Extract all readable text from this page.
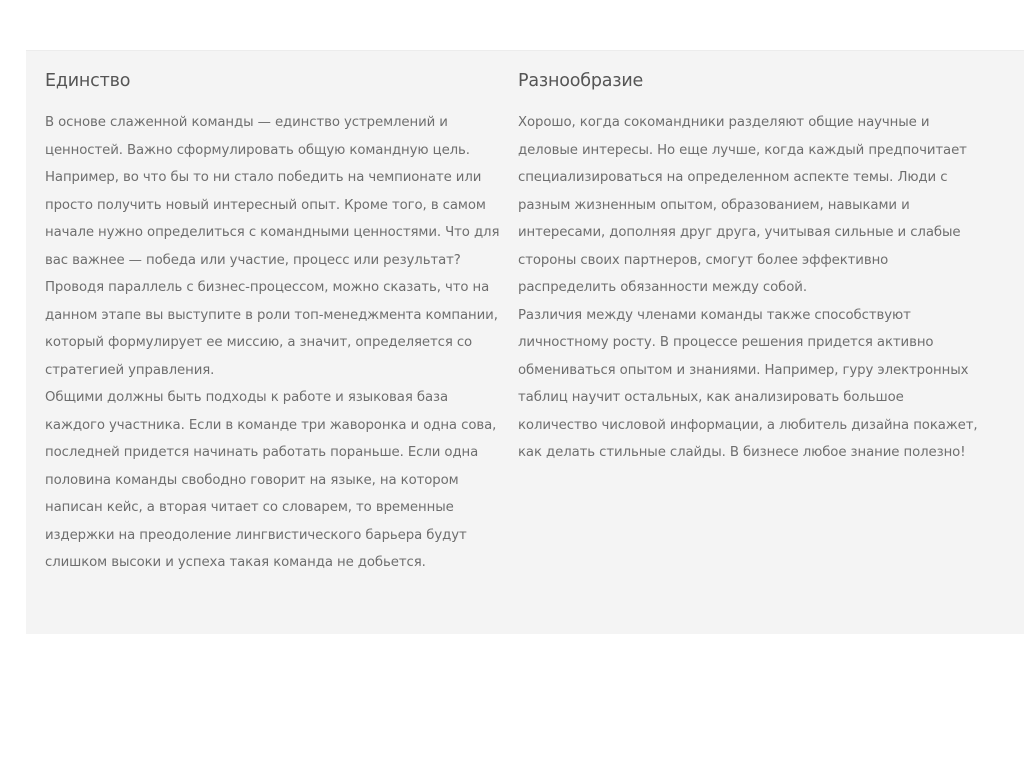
Единство

В основе слаженной команды — единство устремлений и ценностей. Важно сформулировать общую командную цель. Например, во что бы то ни стало победить на чемпионате или просто получить новый интересный опыт. Кроме того, в самом начале нужно определиться с командными ценностями. Что для вас важнее — победа или участие, процесс или результат? Проводя параллель с бизнес-процессом, можно сказать, что на данном этапе вы выступите в роли топ-менеджмента компании, который формулирует ее миссию, а значит, определяется со стратегией управления.

Общими должны быть подходы к работе и языковая база каждого участника. Если в команде три жаворонка и одна сова, последней придется начинать работать пораньше. Если одна половина команды свободно говорит на языке, на котором написан кейс, а вторая читает со словарем, то временные издержки на преодоление лингвистического барьера будут слишком высоки и успеха такая команда не добьется.

Разнообразие

Хорошо, когда сокомандники разделяют общие научные и деловые интересы. Но еще лучше, когда каждый предпочитает специализироваться на определенном аспекте темы. Люди с разным жизненным опытом, образованием, навыками и интересами, дополняя друг друга, учитывая сильные и слабые стороны своих партнеров, смогут более эффективно распределить обязанности между собой.

Различия между членами команды также способствуют личностному росту. В процессе решения придется активно обмениваться опытом и знаниями. Например, гуру электронных таблиц научит остальных, как анализировать большое количество числовой информации, а любитель дизайна покажет, как делать стильные слайды. В бизнесе любое знание полезно!
